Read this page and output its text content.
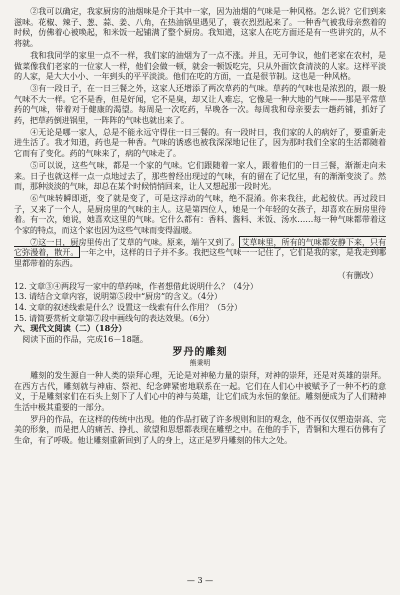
②我可以确定，我家厨房的油烟味是介于其中一家，因为油烟的气味是一种风格。怎么说？它们到来滋味。花椒、辣子、葱、蒜、姜、八角，在热油锅里遇见了，蓑衣烈烈起来了。一种香气被我母亲熬着的时候，仿佛着心被唤起，和米饭一起铺满了整个厨房。我知道，这家人在吃方面还是有一些讲究的，从不将就。

我和我同学的家里一点不一样，我们家的油烟为了一点不涨。并且，无可争议，他们老家在农村，是做菜像我们老家的一位家人一样，他们会做一顿，就会一顿饭吃完，只从外面饮食清淡的人家。这样平淡的人家，是大大小小、一年到头的平平淡淡。他们在吃的方面，一直是很节制。这也是一种风格。

③有一段日子，在一日三餐之外，这家人还增添了两次草药的气味。草药的气味也是浓烈的，跟一般气味不大一样。它不是香，但是好闻，它不是臭，却又让人难忘，它像是一种大地的气味——那是平常草药的气味，带着对于健康的渴望。每周是一次吃药，早晚各一次。每周我和母亲要去一趟药铺，抓好了药，把草药倒进锅里，一阵阵的气味也就出来了。

④无论是哪一家人，总是不能永远守得住一日三餐的。有一段时日，我们家的人的病好了，要重新走进生活了。我才知道，药也是一种香。气味的诱惑也被我深深地记住了，因为那时我们全家的生活都随着它而有了变化。药的气味来了，病的气味走了。

⑤可以说，这些气味，都是一个家的气味。它们跟随着一家人，跟着他们的一日三餐，渐渐走向未来。日子也就这样一点一点地过去了，那些曾经出现过的气味，有的留在了记忆里，有的渐渐变淡了。然而，那种淡淡的气味，却总在某个时候悄悄回来，让人又想起那一段时光。

⑥气味转瞬即逝，变了就是变了，可是这浮动的气味，绝不混淆。你来我往，此起彼伏。再过段日子，又来了一个人，是厨房里的气味的主人。这是第四位人，她是一个年轻的女孩子，却喜欢在厨房里待着。有一次，她说，她喜欢这里的气味。它什么都有：香料、酱料、米饭、汤水……每一种气味都带着这个家的特点，而这个家也因为这些气味而变得温暖。

⑦这一日，厨房里传出了艾草的气味。原来，端午又到了。 艾草味里，所有的气味都安静下来，只有它弥漫着，散开。 一年之中，这样的日子并不多。我把这些气味一一记住了，它们是我的家，是我走到哪里都带着的东西。

（有删改）

12. 文章③④两段写一家中的草药味，作者想借此说明什么？（4分）

13. 请结合文章内容，说明第⑤段中“厨房”的含义。（4分）

14. 文章的叙述线索是什么？设置这一线索有什么作用？（5分）

15. 请简要赏析文章第⑦段中画线句的表达效果。（6分）

六、现代文阅读（二）（18分）

阅读下面的作品，完成16－18题。

罗丹的雕刻

熊秉明

雕刻的发生源自一种人类的崇拜心理，无论是对神秘力量的崇拜，对神的崇拜，还是对英雄的崇拜。在西方古代，雕刻就与神庙、祭祀、纪念碑紧密地联系在一起。它们在人们心中被赋予了一种不朽的意义，于是雕刻家们在石头上刻下了人们心中的神与英雄，让它们成为永恒的象征。雕刻便成为了人们精神生活中极其重要的一部分。

罗丹的作品，在这样的传统中出现。他的作品打破了许多规则和旧的观念，他不再仅仅塑造崇高、完美的形象，而是把人的痛苦、挣扎、欲望和思想都表现在雕塑之中。在他的手下，青铜和大理石仿佛有了生命，有了呼吸。他让雕刻重新回到了人的身上，这正是罗丹雕刻的伟大之处。

— 3 —
